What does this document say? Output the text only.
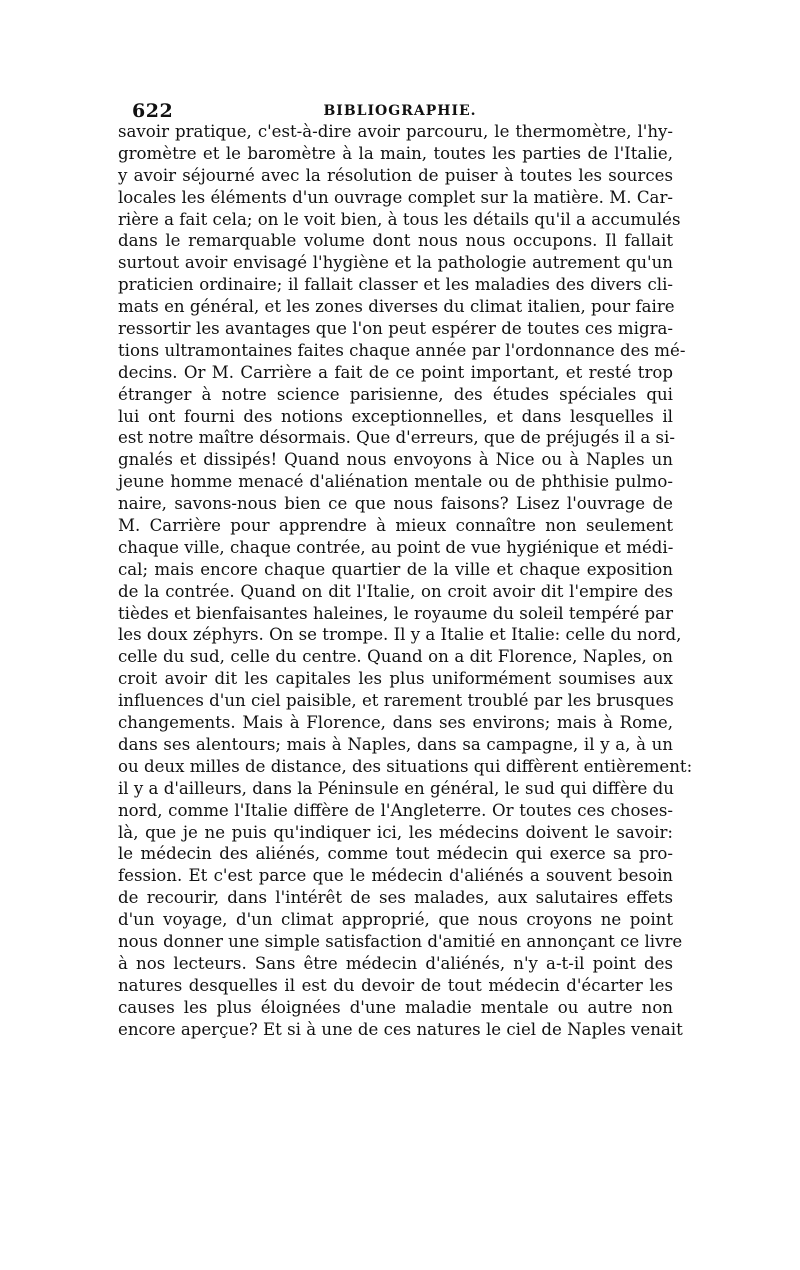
622	BIBLIOGRAPHIE.
savoir pratique, c'est-à-dire avoir parcouru, le thermomètre, l'hy-
gromètre et le baromètre à la main, toutes les parties de l'Italie,
y avoir séjourné avec la résolution de puiser à toutes les sources
locales les éléments d'un ouvrage complet sur la matière. M. Car-
rière a fait cela; on le voit bien, à tous les détails qu'il a accumulés
dans le remarquable volume dont nous nous occupons. Il fallait
surtout avoir envisagé l'hygiène et la pathologie autrement qu'un
praticien ordinaire; il fallait classer et les maladies des divers cli-
mats en général, et les zones diverses du climat italien, pour faire
ressortir les avantages que l'on peut espérer de toutes ces migra-
tions ultramontaines faites chaque année par l'ordonnance des mé-
decins. Or M. Carrière a fait de ce point important, et resté trop
étranger à notre science parisienne, des études spéciales qui
lui ont fourni des notions exceptionnelles, et dans lesquelles il
est notre maître désormais. Que d'erreurs, que de préjugés il a si-
gnalés et dissipés! Quand nous envoyons à Nice ou à Naples un
jeune homme menacé d'aliénation mentale ou de phthisie pulmo-
naire, savons-nous bien ce que nous faisons? Lisez l'ouvrage de
M. Carrière pour apprendre à mieux connaître non seulement
chaque ville, chaque contrée, au point de vue hygiénique et médi-
cal; mais encore chaque quartier de la ville et chaque exposition
de la contrée. Quand on dit l'Italie, on croit avoir dit l'empire des
tièdes et bienfaisantes haleines, le royaume du soleil tempéré par
les doux zéphyrs. On se trompe. Il y a Italie et Italie: celle du nord,
celle du sud, celle du centre. Quand on a dit Florence, Naples, on
croit avoir dit les capitales les plus uniformément soumises aux
influences d'un ciel paisible, et rarement troublé par les brusques
changements. Mais à Florence, dans ses environs; mais à Rome,
dans ses alentours; mais à Naples, dans sa campagne, il y a, à un
ou deux milles de distance, des situations qui diffèrent entièrement:
il y a d'ailleurs, dans la Péninsule en général, le sud qui diffère du
nord, comme l'Italie diffère de l'Angleterre. Or toutes ces choses-
là, que je ne puis qu'indiquer ici, les médecins doivent le savoir:
le médecin des aliénés, comme tout médecin qui exerce sa pro-
fession. Et c'est parce que le médecin d'aliénés a souvent besoin
de recourir, dans l'intérêt de ses malades, aux salutaires effets
d'un voyage, d'un climat approprié, que nous croyons ne point
nous donner une simple satisfaction d'amitié en annonçant ce livre
à nos lecteurs. Sans être médecin d'aliénés, n'y a-t-il point des
natures desquelles il est du devoir de tout médecin d'écarter les
causes les plus éloignées d'une maladie mentale ou autre non
encore aperçue? Et si à une de ces natures le ciel de Naples venait
